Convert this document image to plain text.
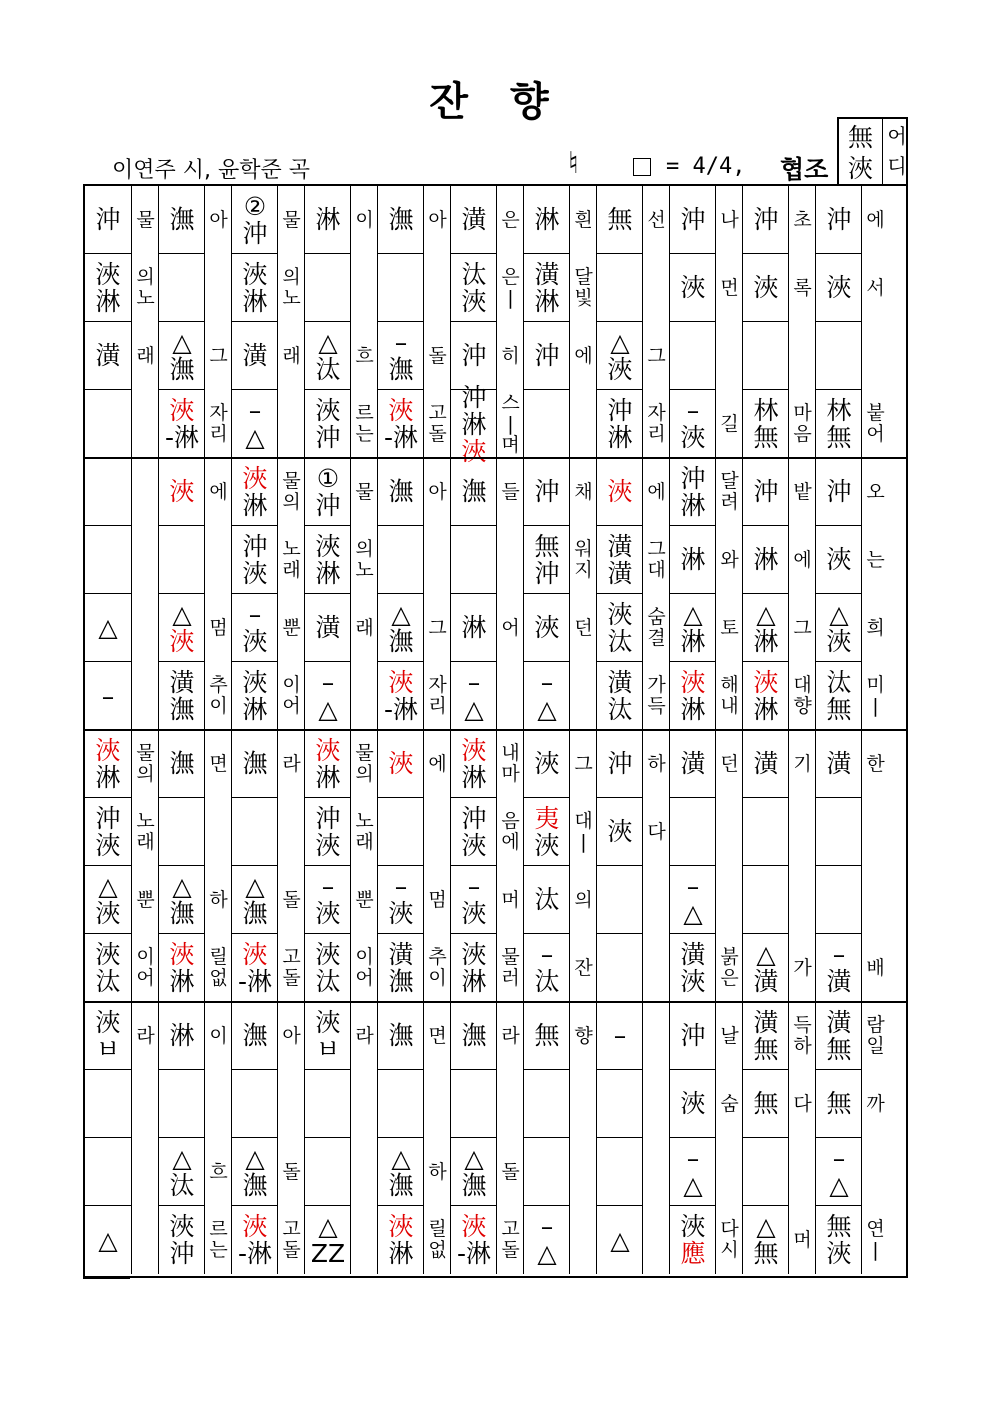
잔 향
이연주 시, 윤학준 곡	♮	= 4/4, 협조
無
浹
어
디
沖
浹
淋
潢
물
의
노
래
潕
△
潕
浹
-淋
아
그
자
리
②
沖
浹
淋
潢
–
△
물
의
노
래
淋
△
汰
浹
沖
이
흐
르
는
潕
–
潕
浹
-淋
아
돌
고
돌
潢
汰
浹
沖
沖
淋
浹
은
은
|
히
스
|
며
淋
潢
淋
沖
흰
달
빛
에
無
△
浹
沖
淋
선
그
자
리
沖
浹
–
浹
나
먼
길
沖
浹
林
無
초
록
마
음
沖
浹
林
無
에
서
붙
어
△
–
浹
△
浹
潢
潕
에
멈
추
이
浹
淋
沖
浹
–
浹
浹
淋
물
의
노
래
뿐
이
어
①
沖
浹
淋
潢
–
△
물
의
노
래
潕
△
潕
浹
-淋
아
그
자
리
潕
淋
–
△
들
어
沖
無
沖
浹
–
△
채
워
지
던
浹
潢
潢
浹
汰
潢
汰
에
그
대
숨
결
가
득
沖
淋
淋
△
淋
浹
淋
달
려
와
토
해
내
沖
淋
△
淋
浹
淋
밭
에
그
대
향
沖
浹
△
浹
汰
無
오
는
희
미
|
浹
淋
沖
浹
△
浹
浹
汰
물
의
노
래
뿐
이
어
潕
△
潕
浹
淋
면
하
릴
없
潕
△
潕
浹
-淋
라
돌
고
돌
浹
淋
沖
浹
–
浹
浹
汰
물
의
노
래
뿐
이
어
浹
–
浹
潢
潕
에
멈
추
이
浹
淋
沖
浹
–
浹
浹
淋
내
마
음
에
머
물
러
浹
夷
浹
汰
–
汰
그
대
|
의
잔
沖
浹
하
다
潢
–
△
潢
浹
던
붉
은
潢
△
潢
기
가
潢
–
潢
한
배
浹
ㅂ
△
라 淋
△
汰
浹
沖
이
흐
르
는
潕
△
潕
浹
-淋
아
돌
고
돌
浹
ㅂ
△
ZZ
라 潕
△
潕
浹
淋
면
하
릴
없
潕
△
潕
浹
-淋
라
돌
고
돌
無
–
△
향 –
△
沖
浹
–
△
浹
應
날
숨
다
시
潢
無
無
△
無
득
하
다
머
潢
無
無
–
△
無
浹
람
일
까
연
|
